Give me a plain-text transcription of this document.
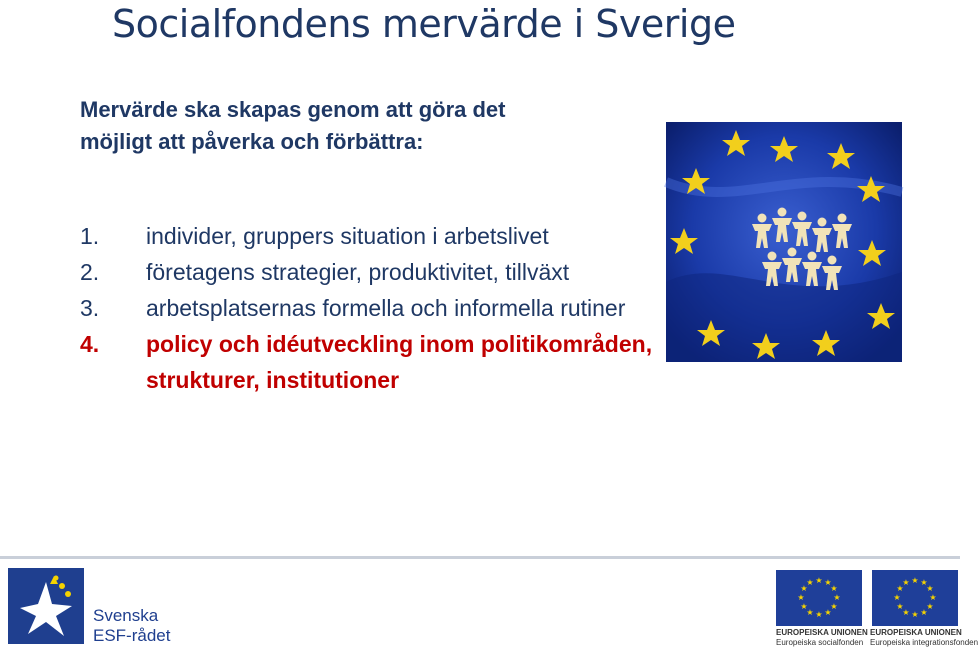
Socialfondens mervärde i Sverige
Mervärde ska skapas genom att göra det
möjligt att påverka och förbättra:
1.	individer, gruppers situation i arbetslivet
2.	företagens strategier, produktivitet, tillväxt
3.	arbetsplatsernas formella och informella rutiner
4.	policy och idéutveckling inom politikområden, strukturer, institutioner
Svenska
ESF-rådet
★ ★
★
★
★
★
★
★
★
★
★
★	★ ★
★
★
★
★
★
★
★
★
★
★
EUROPEISKA UNIONEN
Europeiska socialfonden
EUROPEISKA UNIONEN
Europeiska integrationsfonden
